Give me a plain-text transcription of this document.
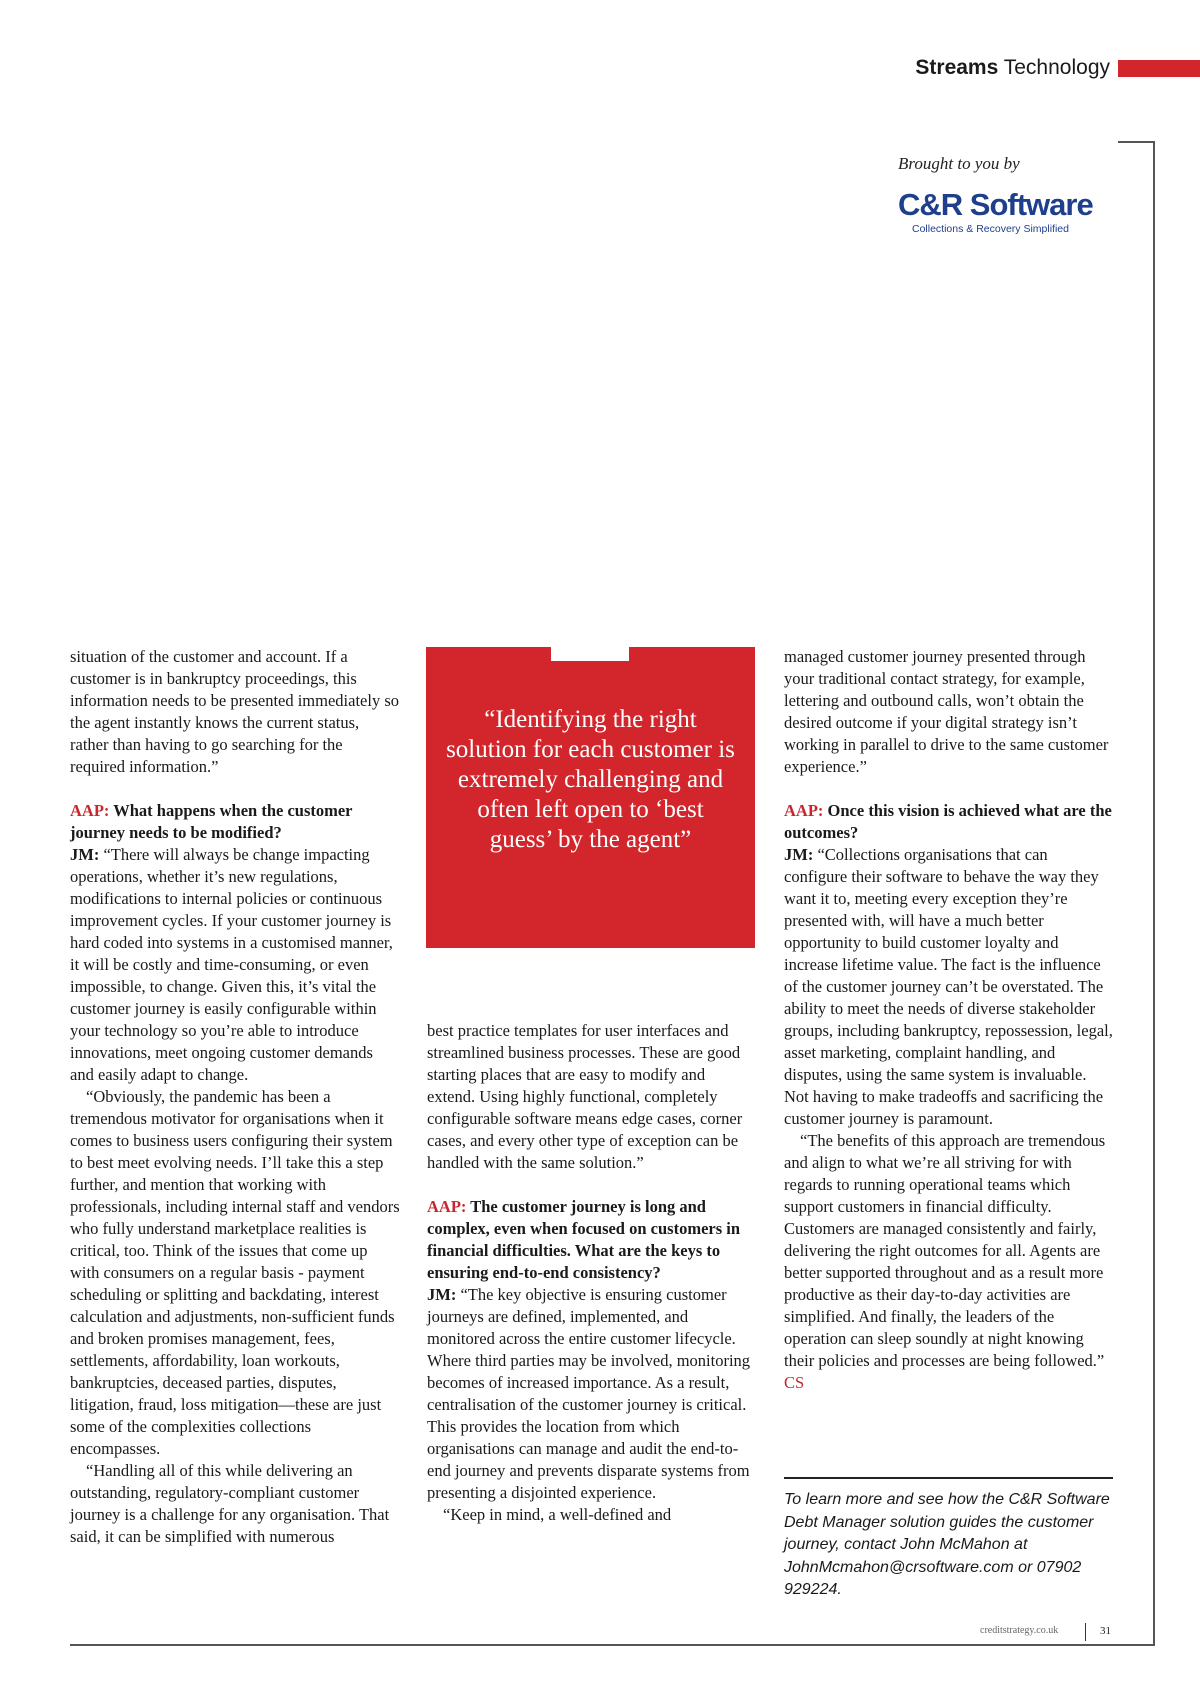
Streams Technology
Brought to you by
C&R Software
Collections & Recovery Simplified

situation of the customer and account. If a customer is in bankruptcy proceedings, this information needs to be presented immediately so the agent instantly knows the current status, rather than having to go searching for the required information.”

AAP: What happens when the customer journey needs to be modified?

JM: “There will always be change impacting operations, whether it’s new regulations, modifications to internal policies or continuous improvement cycles. If your customer journey is hard coded into systems in a customised manner, it will be costly and time-consuming, or even impossible, to change. Given this, it’s vital the customer journey is easily configurable within your technology so you’re able to introduce innovations, meet ongoing customer demands and easily adapt to change.

“Obviously, the pandemic has been a tremendous motivator for organisations when it comes to business users configuring their system to best meet evolving needs. I’ll take this a step further, and mention that working with professionals, including internal staff and vendors who fully understand marketplace realities is critical, too. Think of the issues that come up with consumers on a regular basis - payment scheduling or splitting and backdating, interest calculation and adjustments, non-sufficient funds and broken promises management, fees, settlements, affordability, loan workouts, bankruptcies, deceased parties, disputes, litigation, fraud, loss mitigation—these are just some of the complexities collections encompasses.

“Handling all of this while delivering an outstanding, regulatory-compliant customer journey is a challenge for any organisation. That said, it can be simplified with numerous

“Identifying the right solution for each customer is extremely challenging and often left open to ‘best guess’ by the agent”

best practice templates for user interfaces and streamlined business processes. These are good starting places that are easy to modify and extend. Using highly functional, completely configurable software means edge cases, corner cases, and every other type of exception can be handled with the same solution.”

AAP: The customer journey is long and complex, even when focused on customers in financial difficulties. What are the keys to ensuring end-to-end consistency?

JM: “The key objective is ensuring customer journeys are defined, implemented, and monitored across the entire customer lifecycle. Where third parties may be involved, monitoring becomes of increased importance. As a result, centralisation of the customer journey is critical. This provides the location from which organisations can manage and audit the end-to-end journey and prevents disparate systems from presenting a disjointed experience.

“Keep in mind, a well-defined and

managed customer journey presented through your traditional contact strategy, for example, lettering and outbound calls, won’t obtain the desired outcome if your digital strategy isn’t working in parallel to drive to the same customer experience.”

AAP: Once this vision is achieved what are the outcomes?

JM: “Collections organisations that can configure their software to behave the way they want it to, meeting every exception they’re presented with, will have a much better opportunity to build customer loyalty and increase lifetime value. The fact is the influence of the customer journey can’t be overstated. The ability to meet the needs of diverse stakeholder groups, including bankruptcy, repossession, legal, asset marketing, complaint handling, and disputes, using the same system is invaluable. Not having to make tradeoffs and sacrificing the customer journey is paramount.

“The benefits of this approach are tremendous and align to what we’re all striving for with regards to running operational teams which support customers in financial difficulty. Customers are managed consistently and fairly, delivering the right outcomes for all. Agents are better supported throughout and as a result more productive as their day-to-day activities are simplified. And finally, the leaders of the operation can sleep soundly at night knowing their policies and processes are being followed.” CS

To learn more and see how the C&R Software Debt Manager solution guides the customer journey, contact John McMahon at JohnMcmahon@crsoftware.com or 07902 929224.
creditstrategy.co.uk	31
